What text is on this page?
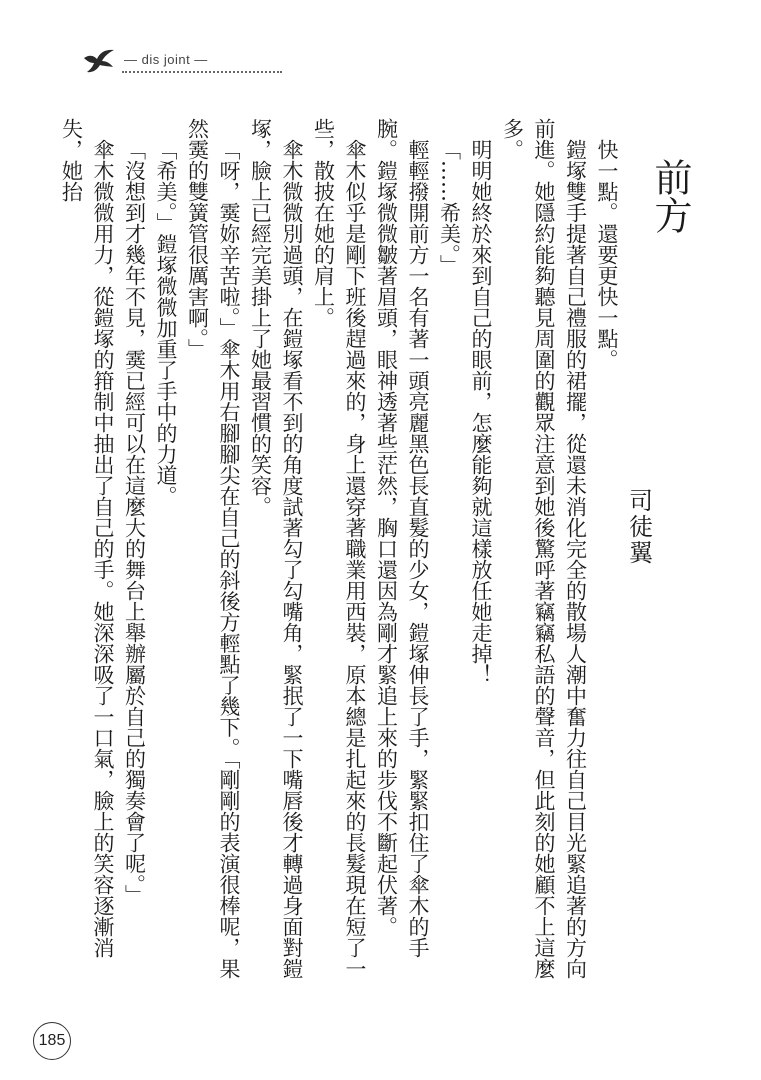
— dis joint —
前方
司徒翼

快一點。還要更快一點。

鎧塚雙手提著自己禮服的裙擺，從還未消化完全的散場人潮中奮力往自己目光緊追著的方向前進。她隱約能夠聽見周圍的觀眾注意到她後驚呼著竊竊私語的聲音，但此刻的她顧不上這麼多。

明明她終於來到自己的眼前，怎麼能夠就這樣放任她走掉！

「……希美。」

輕輕撥開前方一名有著一頭亮麗黑色長直髮的少女，鎧塚伸長了手，緊緊扣住了傘木的手腕。鎧塚微微皺著眉頭，眼神透著些茫然，胸口還因為剛才緊追上來的步伐不斷起伏著。

傘木似乎是剛下班後趕過來的，身上還穿著職業用西裝，原本總是扎起來的長髮現在短了一些，散披在她的肩上。

傘木微微別過頭，在鎧塚看不到的角度試著勾了勾嘴角，緊抿了一下嘴唇後才轉過身面對鎧塚，臉上已經完美掛上了她最習慣的笑容。

「呀，霙妳辛苦啦。」傘木用右腳腳尖在自己的斜後方輕點了幾下。「剛剛的表演很棒呢，果然霙的雙簧管很厲害啊。」

「希美。」鎧塚微微加重了手中的力道。

「沒想到才幾年不見，霙已經可以在這麼大的舞台上舉辦屬於自己的獨奏會了呢。」

傘木微微用力，從鎧塚的箝制中抽出了自己的手。她深深吸了一口氣，臉上的笑容逐漸消失，她抬

185
